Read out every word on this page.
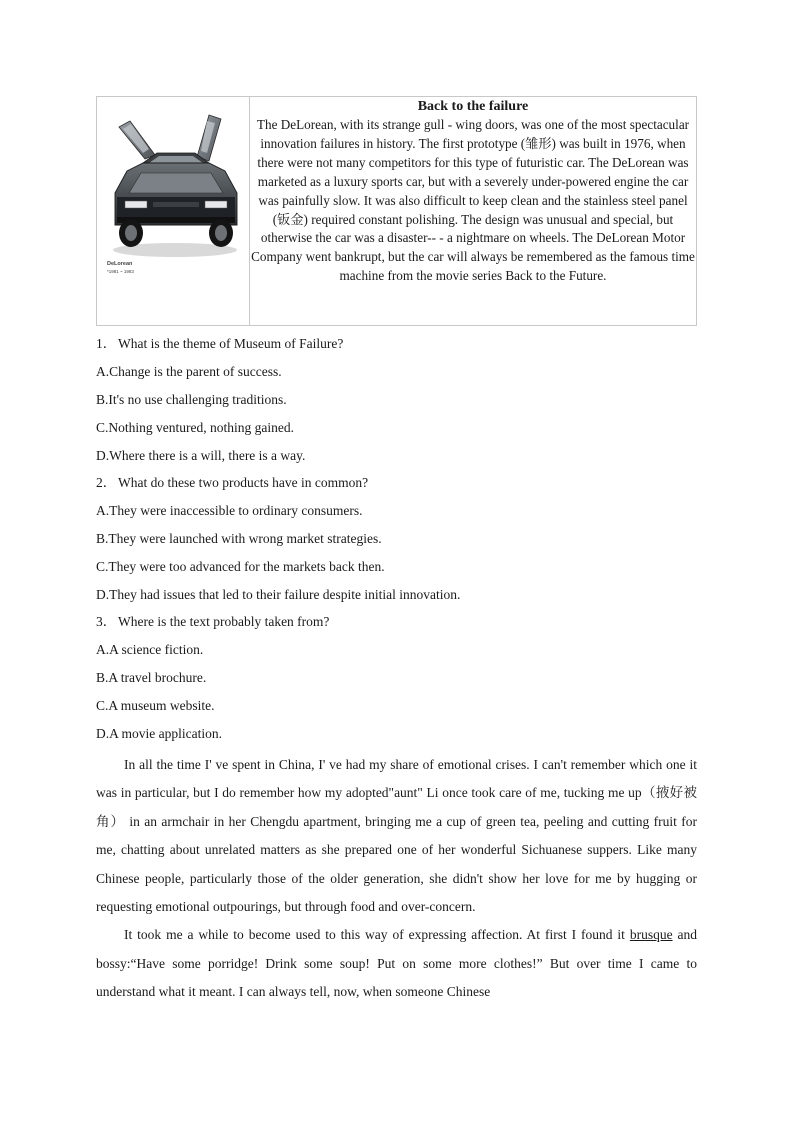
DeLorean
*1981 ~ 1983

Back to the failure
The DeLorean, with its strange gull - wing doors, was one of the most spectacular innovation failures in history. The first prototype (雏形) was built in 1976, when there were not many competitors for this type of futuristic car. The DeLorean was marketed as a luxury sports car, but with a severely under-powered engine the car was painfully slow. It was also difficult to keep clean and the stainless steel panel (钣金) required constant polishing. The design was unusual and special, but otherwise the car was a disaster-- - a nightmare on wheels. The DeLorean Motor Company went bankrupt, but the car will always be remembered as the famous time machine from the movie series Back to the Future.

1． What is the theme of Museum of Failure?

A.Change is the parent of success.

B.It's no use challenging traditions.

C.Nothing ventured, nothing gained.

D.Where there is a will, there is a way.

2． What do these two products have in common?

A.They were inaccessible to ordinary consumers.

B.They were launched with wrong market strategies.

C.They were too advanced for the markets back then.

D.They had issues that led to their failure despite initial innovation.

3． Where is the text probably taken from?

A.A science fiction.

B.A travel brochure.

C.A museum website.

D.A movie application.

In all the time I' ve spent in China, I' ve had my share of emotional crises. I can't remember which one it was in particular, but I do remember how my adopted"aunt" Li once took care of me, tucking me up（掖好被角） in an armchair in her Chengdu apartment, bringing me a cup of green tea, peeling and cutting fruit for me, chatting about unrelated matters as she prepared one of her wonderful Sichuanese suppers. Like many Chinese people, particularly those of the older generation, she didn't show her love for me by hugging or requesting emotional outpourings, but through food and over-concern.

It took me a while to become used to this way of expressing affection. At first I found it brusque and bossy:“Have some porridge! Drink some soup! Put on some more clothes!” But over time I came to understand what it meant. I can always tell, now, when someone Chinese
